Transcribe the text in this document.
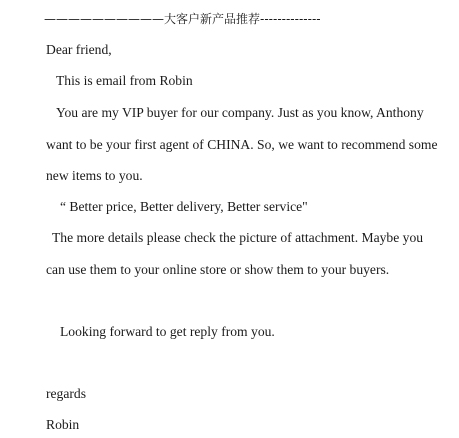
——————————大客户新产品推荐--------------
Dear friend,
This is email from Robin
You are my VIP buyer for our company. Just as you know, Anthony
want to be your first agent of CHINA. So, we want to recommend some
new items to you.
“ Better price, Better delivery, Better service"
The more details please check the picture of attachment. Maybe you
can use them to your online store or show them to your buyers.
Looking forward to get reply from you.
regards
Robin
